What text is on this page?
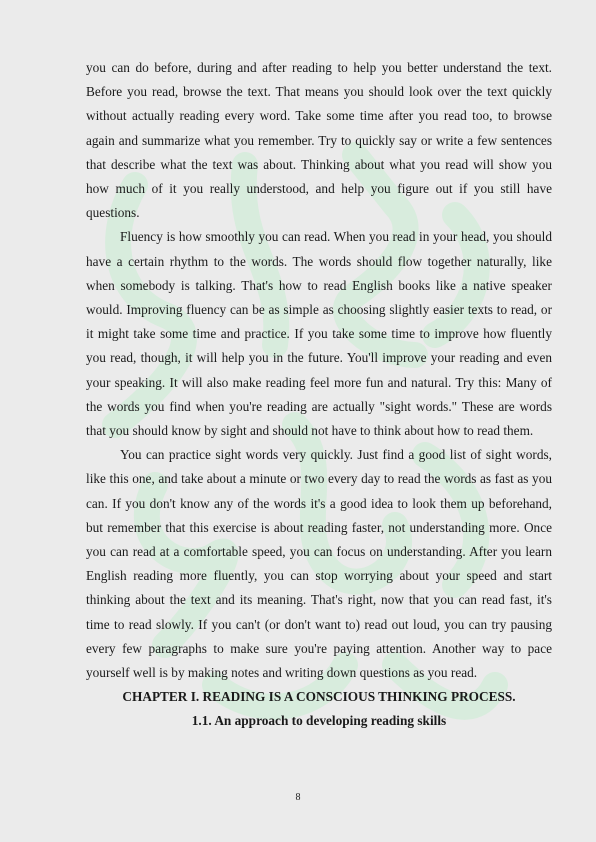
you can do before, during and after reading to help you better understand the text. Before you read, browse the text. That means you should look over the text quickly without actually reading every word. Take some time after you read too, to browse again and summarize what you remember. Try to quickly say or write a few sentences that describe what the text was about. Thinking about what you read will show you how much of it you really understood, and help you figure out if you still have questions.

Fluency is how smoothly you can read. When you read in your head, you should have a certain rhythm to the words. The words should flow together naturally, like when somebody is talking. That's how to read English books like a native speaker would. Improving fluency can be as simple as choosing slightly easier texts to read, or it might take some time and practice. If you take some time to improve how fluently you read, though, it will help you in the future. You'll improve your reading and even your speaking. It will also make reading feel more fun and natural. Try this: Many of the words you find when you're reading are actually "sight words." These are words that you should know by sight and should not have to think about how to read them.

You can practice sight words very quickly. Just find a good list of sight words, like this one, and take about a minute or two every day to read the words as fast as you can. If you don't know any of the words it's a good idea to look them up beforehand, but remember that this exercise is about reading faster, not understanding more. Once you can read at a comfortable speed, you can focus on understanding. After you learn English reading more fluently, you can stop worrying about your speed and start thinking about the text and its meaning. That's right, now that you can read fast, it's time to read slowly. If you can't (or don't want to) read out loud, you can try pausing every few paragraphs to make sure you're paying attention. Another way to pace yourself well is by making notes and writing down questions as you read.

CHAPTER I. READING IS A CONSCIOUS THINKING PROCESS.

1.1. An approach to developing reading skills

8
